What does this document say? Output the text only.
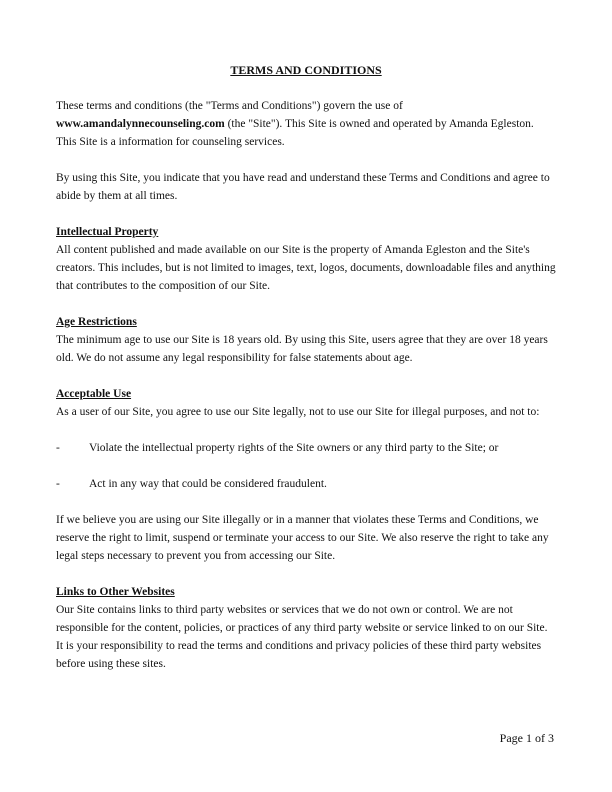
TERMS AND CONDITIONS

These terms and conditions (the "Terms and Conditions") govern the use of www.amandalynnecounseling.com (the "Site"). This Site is owned and operated by Amanda Egleston. This Site is a information for counseling services.

By using this Site, you indicate that you have read and understand these Terms and Conditions and agree to abide by them at all times.

Intellectual Property

All content published and made available on our Site is the property of Amanda Egleston and the Site's creators. This includes, but is not limited to images, text, logos, documents, downloadable files and anything that contributes to the composition of our Site.

Age Restrictions

The minimum age to use our Site is 18 years old. By using this Site, users agree that they are over 18 years old. We do not assume any legal responsibility for false statements about age.

Acceptable Use

As a user of our Site, you agree to use our Site legally, not to use our Site for illegal purposes, and not to:

-	Violate the intellectual property rights of the Site owners or any third party to the Site; or
-	Act in any way that could be considered fraudulent.

If we believe you are using our Site illegally or in a manner that violates these Terms and Conditions, we reserve the right to limit, suspend or terminate your access to our Site. We also reserve the right to take any legal steps necessary to prevent you from accessing our Site.

Links to Other Websites

Our Site contains links to third party websites or services that we do not own or control. We are not responsible for the content, policies, or practices of any third party website or service linked to on our Site. It is your responsibility to read the terms and conditions and privacy policies of these third party websites before using these sites.

Page 1 of 3
